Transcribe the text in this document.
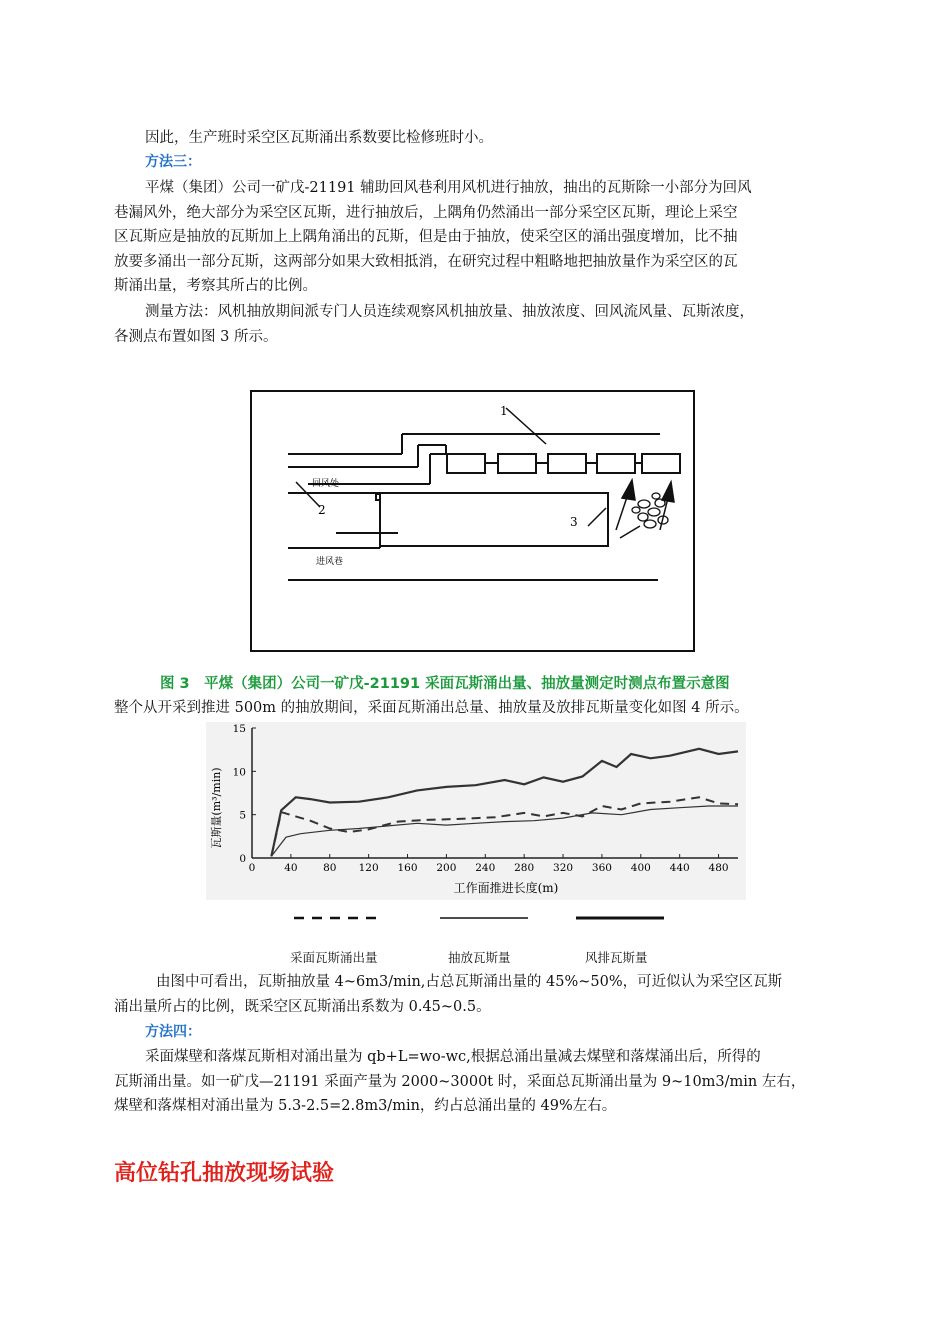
因此，生产班时采空区瓦斯涌出系数要比检修班时小。
方法三：
平煤（集团）公司一矿戊-21191 辅助回风巷利用风机进行抽放，抽出的瓦斯除一小部分为回风
巷漏风外，绝大部分为采空区瓦斯，进行抽放后，上隅角仍然涌出一部分采空区瓦斯，理论上采空
区瓦斯应是抽放的瓦斯加上上隅角涌出的瓦斯，但是由于抽放，使采空区的涌出强度增加，比不抽
放要多涌出一部分瓦斯，这两部分如果大致相抵消，在研究过程中粗略地把抽放量作为采空区的瓦
斯涌出量，考察其所占的比例。
测量方法：风机抽放期间派专门人员连续观察风机抽放量、抽放浓度、回风流风量、瓦斯浓度，
各测点布置如图 3 所示。
1
2
3
回风处
进风巷
图 3　平煤（集团）公司一矿戊-21191 采面瓦斯涌出量、抽放量测定时测点布置示意图
整个从开采到推进 500m 的抽放期间，采面瓦斯涌出总量、抽放量及放排瓦斯量变化如图 4 所示。
0	40 80 120 160 200 240 280 320 360 400 440 480
0
5
10
15
瓦斯量(m³/min)
工作面推进长度(m)
采面瓦斯涌出量	抽放瓦斯量	风排瓦斯量
由图中可看出，瓦斯抽放量 4~6m3/min,占总瓦斯涌出量的 45%~50%，可近似认为采空区瓦斯
涌出量所占的比例，既采空区瓦斯涌出系数为 0.45~0.5。
方法四：
采面煤壁和落煤瓦斯相对涌出量为 qb+L=wo-wc,根据总涌出量减去煤壁和落煤涌出后，所得的
瓦斯涌出量。如一矿戊—21191 采面产量为 2000~3000t 时，采面总瓦斯涌出量为 9~10m3/min 左右，
煤壁和落煤相对涌出量为 5.3-2.5=2.8m3/min，约占总涌出量的 49%左右。
高位钻孔抽放现场试验
